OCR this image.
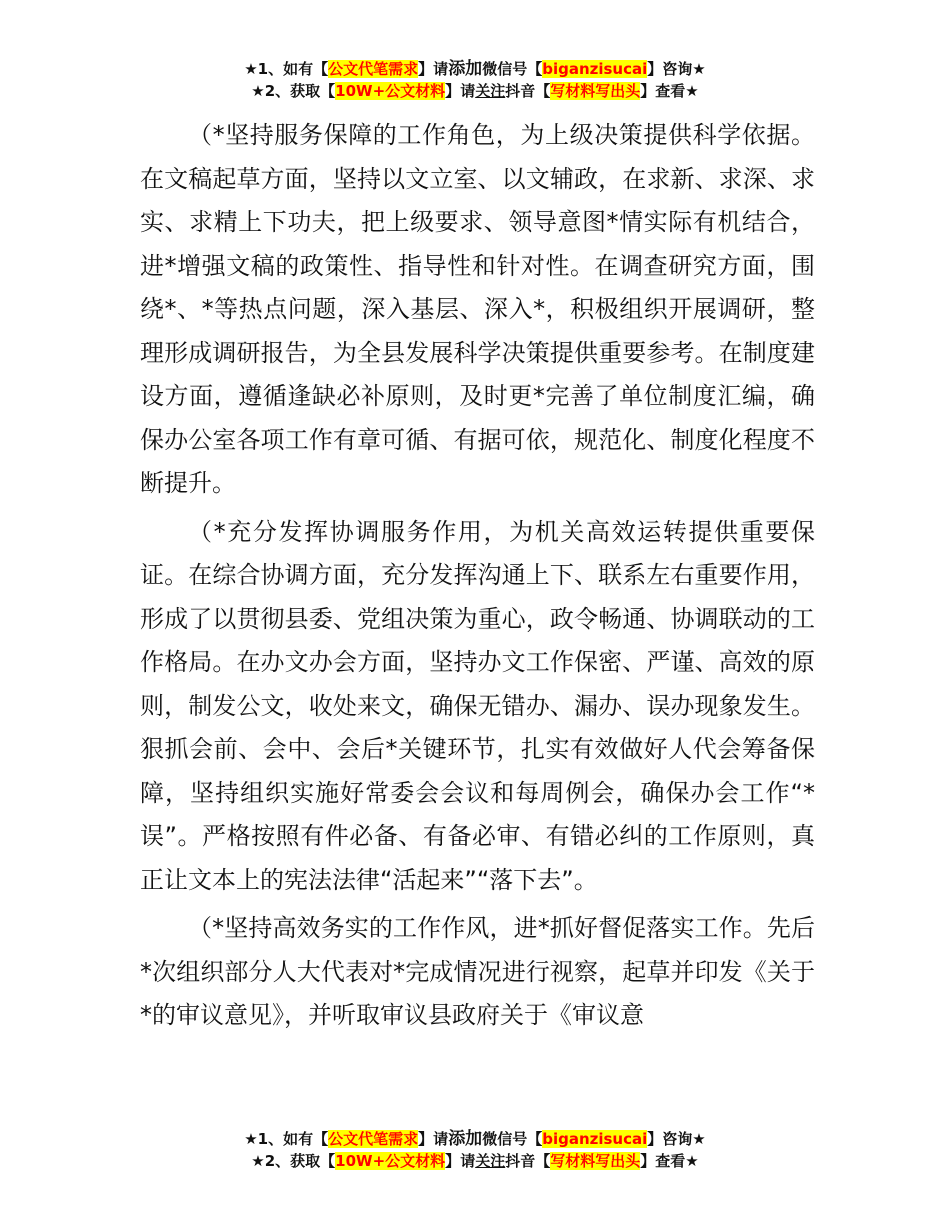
★1、如有【公文代笔需求】请添加微信号【biganzisucai】咨询★
★2、获取【10W+公文材料】请关注抖音【写材料写出头】查看★

（*坚持服务保障的工作角色，为上级决策提供科学依据。在文稿起草方面，坚持以文立室、以文辅政，在求新、求深、求实、求精上下功夫，把上级要求、领导意图*情实际有机结合，进*增强文稿的政策性、指导性和针对性。在调查研究方面，围绕*、*等热点问题，深入基层、深入*，积极组织开展调研，整理形成调研报告，为全县发展科学决策提供重要参考。在制度建设方面，遵循逢缺必补原则，及时更*完善了单位制度汇编，确保办公室各项工作有章可循、有据可依，规范化、制度化程度不断提升。

（*充分发挥协调服务作用，为机关高效运转提供重要保证。在综合协调方面，充分发挥沟通上下、联系左右重要作用，形成了以贯彻县委、党组决策为重心，政令畅通、协调联动的工作格局。在办文办会方面，坚持办文工作保密、严谨、高效的原则，制发公文，收处来文，确保无错办、漏办、误办现象发生。狠抓会前、会中、会后*关键环节，扎实有效做好人代会筹备保障，坚持组织实施好常委会会议和每周例会，确保办会工作“*误”。严格按照有件必备、有备必审、有错必纠的工作原则，真正让文本上的宪法法律“活起来”“落下去”。

（*坚持高效务实的工作作风，进*抓好督促落实工作。先后*次组织部分人大代表对*完成情况进行视察，起草并印发《关于*的审议意见》，并听取审议县政府关于《审议意

★1、如有【公文代笔需求】请添加微信号【biganzisucai】咨询★
★2、获取【10W+公文材料】请关注抖音【写材料写出头】查看★
